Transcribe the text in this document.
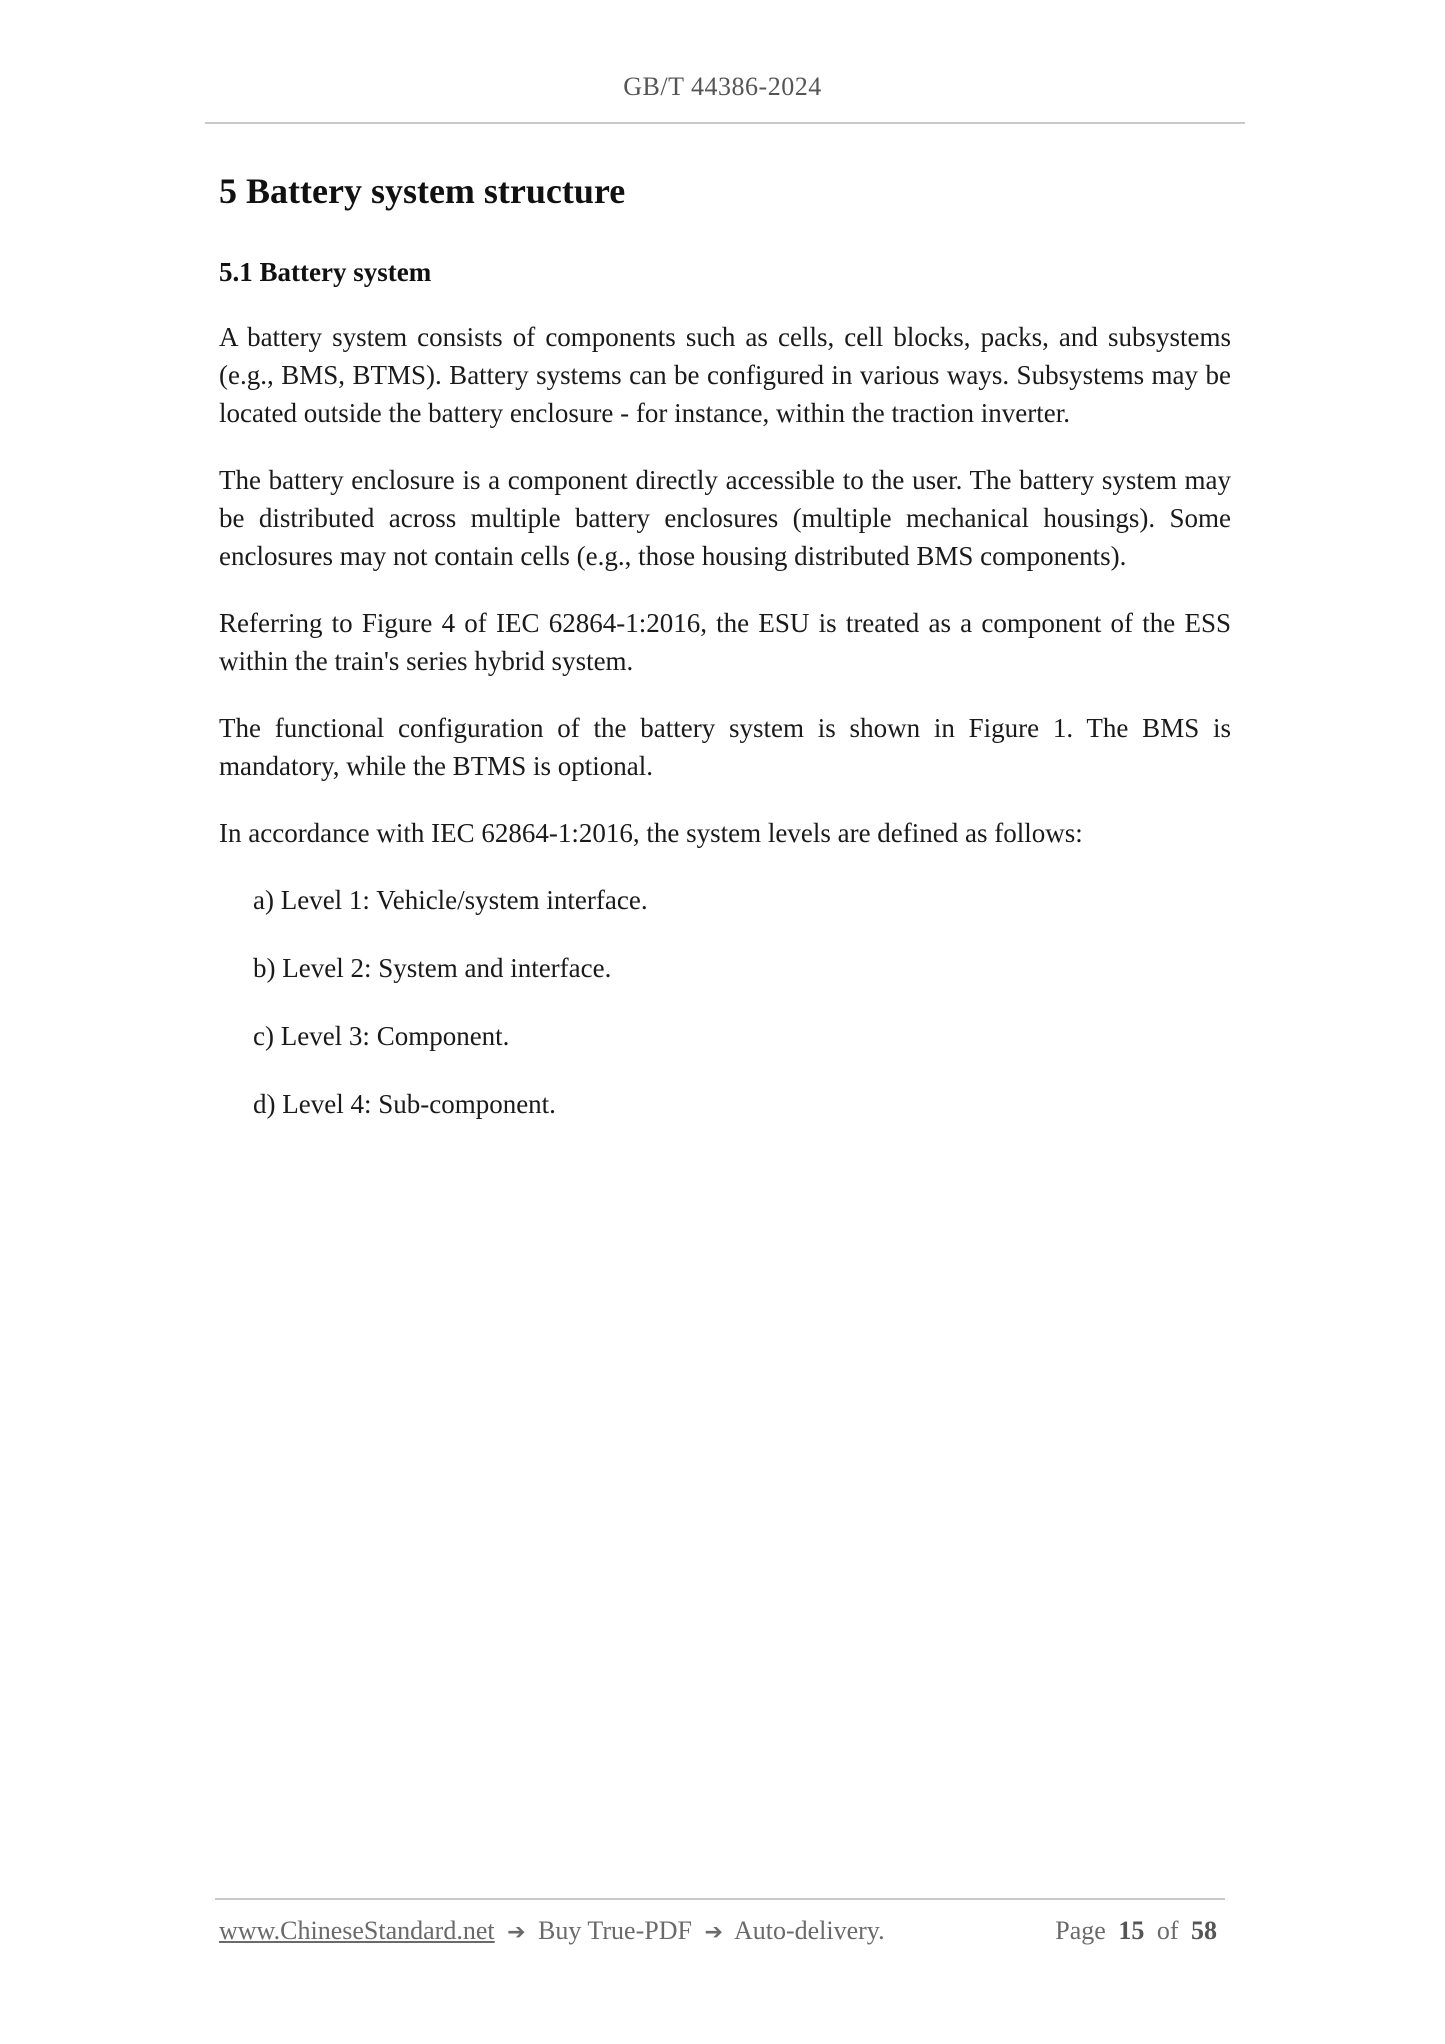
GB/T 44386-2024
5 Battery system structure
5.1 Battery system

A battery system consists of components such as cells, cell blocks, packs, and subsystems (e.g., BMS, BTMS). Battery systems can be configured in various ways. Subsystems may be located outside the battery enclosure - for instance, within the traction inverter.

The battery enclosure is a component directly accessible to the user. The battery system may be distributed across multiple battery enclosures (multiple mechanical housings). Some enclosures may not contain cells (e.g., those housing distributed BMS components).

Referring to Figure 4 of IEC 62864-1:2016, the ESU is treated as a component of the ESS within the train's series hybrid system.

The functional configuration of the battery system is shown in Figure 1. The BMS is mandatory, while the BTMS is optional.

In accordance with IEC 62864-1:2016, the system levels are defined as follows:

a) Level 1: Vehicle/system interface.
b) Level 2: System and interface.
c) Level 3: Component.
d) Level 4: Sub-component.
www.ChineseStandard.net ➔ Buy True-PDF ➔ Auto-delivery.	Page 15 of 58
